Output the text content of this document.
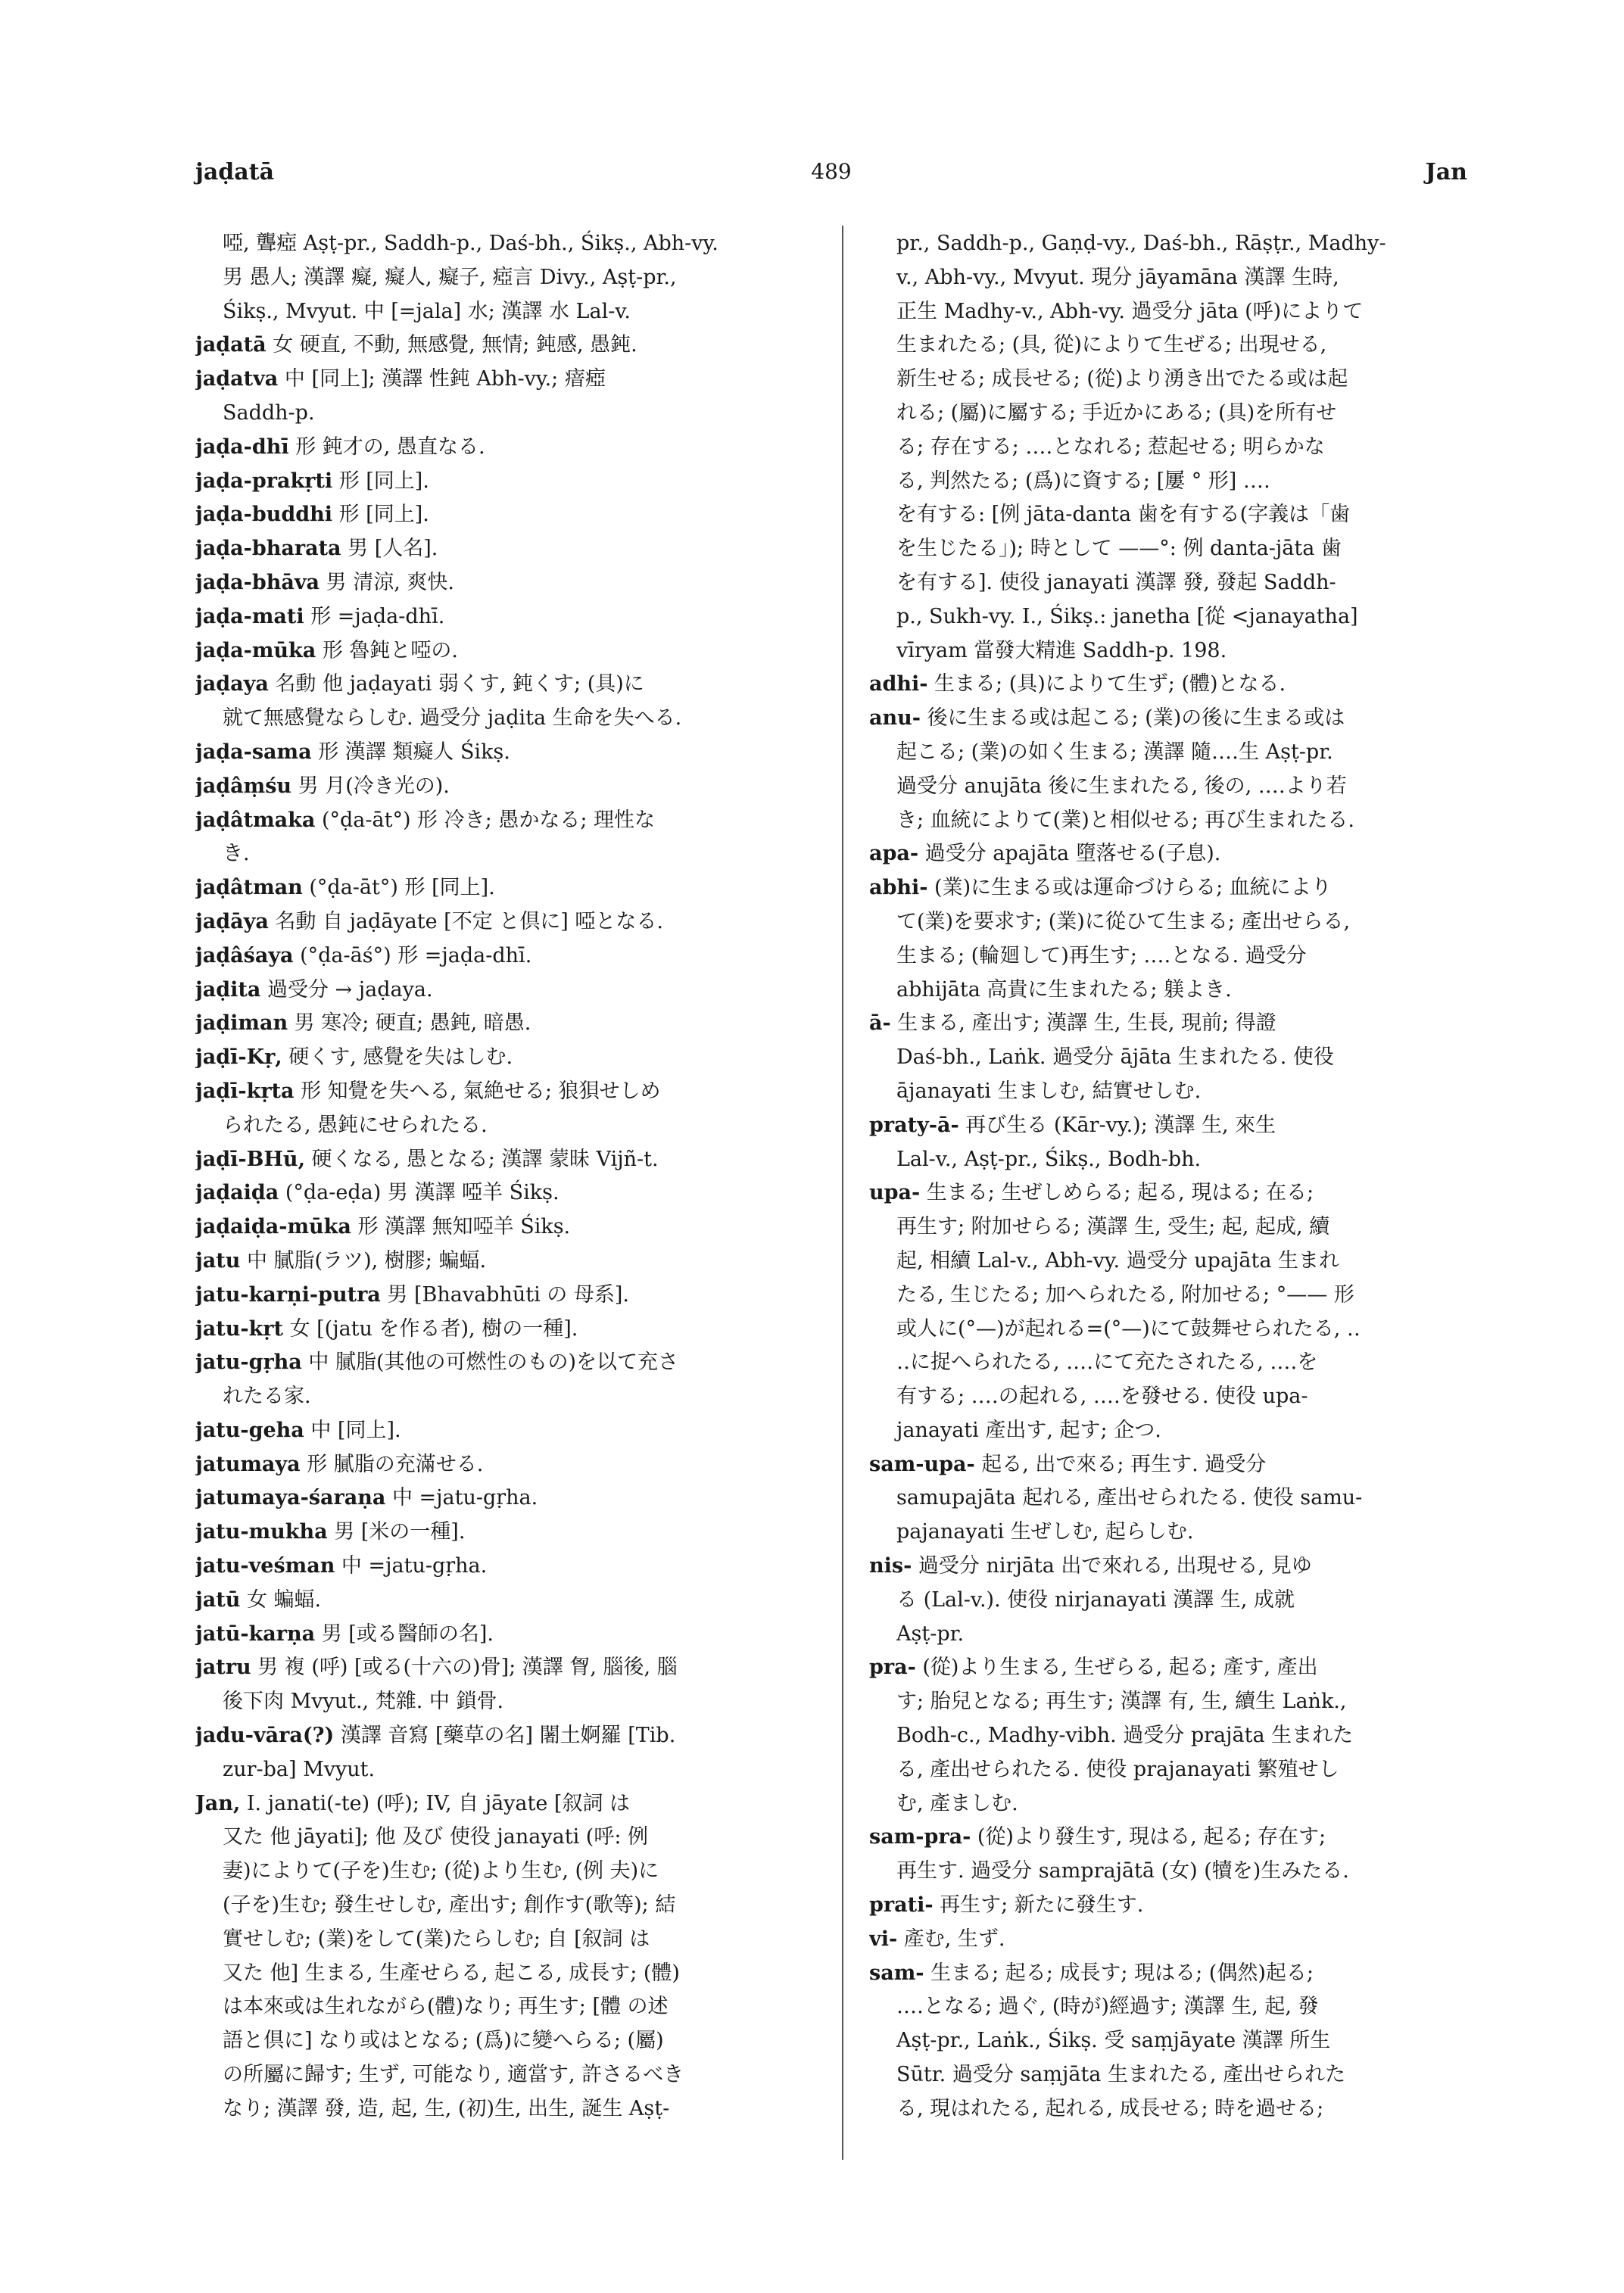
jaḍatā	489	Jan
啞, 聾瘂 Aṣṭ-pr., Saddh-p., Daś-bh., Śikṣ., Abh-vy.
男 愚人; 漢譯 癡, 癡人, 癡子, 瘂言 Divy., Aṣṭ-pr.,
Śikṣ., Mvyut. 中 [=jala] 水; 漢譯 水 Lal-v.
jaḍatā 女 硬直, 不動, 無感覺, 無情; 鈍感, 愚鈍.
jaḍatva 中 [同上]; 漢譯 性鈍 Abh-vy.; 瘖瘂
Saddh-p.
jaḍa-dhī 形 鈍才の, 愚直なる.
jaḍa-prakṛti 形 [同上].
jaḍa-buddhi 形 [同上].
jaḍa-bharata 男 [人名].
jaḍa-bhāva 男 清涼, 爽快.
jaḍa-mati 形 =jaḍa-dhī.
jaḍa-mūka 形 魯鈍と啞の.
jaḍaya 名動 他 jaḍayati 弱くす, 鈍くす; (具)に
就て無感覺ならしむ. 過受分 jaḍita 生命を失へる.
jaḍa-sama 形 漢譯 類癡人 Śikṣ.
jaḍâṃśu 男 月(冷き光の).
jaḍâtmaka (°ḍa-āt°) 形 冷き; 愚かなる; 理性な
き.
jaḍâtman (°ḍa-āt°) 形 [同上].
jaḍāya 名動 自 jaḍāyate [不定 と倶に] 啞となる.
jaḍâśaya (°ḍa-āś°) 形 =jaḍa-dhī.
jaḍita 過受分 → jaḍaya.
jaḍiman 男 寒冷; 硬直; 愚鈍, 暗愚.
jaḍī-Kṛ, 硬くす, 感覺を失はしむ.
jaḍī-kṛta 形 知覺を失へる, 氣絶せる; 狼狽せしめ
られたる, 愚鈍にせられたる.
jaḍī-BHū, 硬くなる, 愚となる; 漢譯 蒙昧 Vijñ-t.
jaḍaiḍa (°ḍa-eḍa) 男 漢譯 啞羊 Śikṣ.
jaḍaiḍa-mūka 形 漢譯 無知啞羊 Śikṣ.
jatu 中 膩脂(ラツ), 樹膠; 蝙蝠.
jatu-karṇi-putra 男 [Bhavabhūti の 母系].
jatu-kṛt 女 [(jatu を作る者), 樹の一種].
jatu-gṛha 中 膩脂(其他の可燃性のもの)を以て充さ
れたる家.
jatu-geha 中 [同上].
jatumaya 形 膩脂の充滿せる.
jatumaya-śaraṇa 中 =jatu-gṛha.
jatu-mukha 男 [米の一種].
jatu-veśman 中 =jatu-gṛha.
jatū 女 蝙蝠.
jatū-karṇa 男 [或る醫師の名].
jatru 男 複 (呼) [或る(十六の)骨]; 漢譯 胷, 腦後, 腦
後下肉 Mvyut., 梵雜. 中 鎖骨.
jadu-vāra(?) 漢譯 音寫 [藥草の名] 闍土婀羅 [Tib.
zur-ba] Mvyut.
Jan, I. janati(-te) (呼); IV, 自 jāyate [叙詞 は
又た 他 jāyati]; 他 及び 使役 janayati (呼: 例
妻)によりて(子を)生む; (從)より生む, (例 夫)に
(子を)生む; 發生せしむ, 產出す; 創作す(歌等); 結
實せしむ; (業)をして(業)たらしむ; 自 [叙詞 は
又た 他] 生まる, 生產せらる, 起こる, 成長す; (體)
は本來或は生れながら(體)なり; 再生す; [體 の述
語と倶に] なり或はとなる; (爲)に變へらる; (屬)
の所屬に歸す; 生ず, 可能なり, 適當す, 許さるべき
なり; 漢譯 發, 造, 起, 生, (初)生, 出生, 誕生 Aṣṭ-
pr., Saddh-p., Gaṇḍ-vy., Daś-bh., Rāṣṭr., Madhy-
v., Abh-vy., Mvyut. 現分 jāyamāna 漢譯 生時,
正生 Madhy-v., Abh-vy. 過受分 jāta (呼)によりて
生まれたる; (具, 從)によりて生ぜる; 出現せる,
新生せる; 成長せる; (從)より湧き出でたる或は起
れる; (屬)に屬する; 手近かにある; (具)を所有せ
る; 存在する; ‥‥となれる; 惹起せる; 明らかな
る, 判然たる; (爲)に資する; [屢 ° 形] ‥‥
を有する: [例 jāta-danta 歯を有する(字義は「歯
を生じたる」); 時として ——°: 例 danta-jāta 歯
を有する]. 使役 janayati 漢譯 發, 發起 Saddh-
p., Sukh-vy. I., Śikṣ.: janetha [從 <janayatha]
vīryam 當發大精進 Saddh-p. 198.
adhi- 生まる; (具)によりて生ず; (體)となる.
anu- 後に生まる或は起こる; (業)の後に生まる或は
起こる; (業)の如く生まる; 漢譯 隨‥‥生 Aṣṭ-pr.
過受分 anujāta 後に生まれたる, 後の, ‥‥より若
き; 血統によりて(業)と相似せる; 再び生まれたる.
apa- 過受分 apajāta 墮落せる(子息).
abhi- (業)に生まる或は運命づけらる; 血統により
て(業)を要求す; (業)に從ひて生まる; 產出せらる,
生まる; (輪廻して)再生す; ‥‥となる. 過受分
abhijāta 高貴に生まれたる; 躾よき.
ā- 生まる, 產出す; 漢譯 生, 生長, 現前; 得證
Daś-bh., Laṅk. 過受分 ājāta 生まれたる. 使役
ājanayati 生ましむ, 結實せしむ.
praty-ā- 再び生る (Kār-vy.); 漢譯 生, 來生
Lal-v., Aṣṭ-pr., Śikṣ., Bodh-bh.
upa- 生まる; 生ぜしめらる; 起る, 現はる; 在る;
再生す; 附加せらる; 漢譯 生, 受生; 起, 起成, 續
起, 相續 Lal-v., Abh-vy. 過受分 upajāta 生まれ
たる, 生じたる; 加へられたる, 附加せる; °—— 形
或人に(°—)が起れる=(°—)にて鼓舞せられたる, ‥
‥に捉へられたる, ‥‥にて充たされたる, ‥‥を
有する; ‥‥の起れる, ‥‥を發せる. 使役 upa-
janayati 產出す, 起す; 企つ.
sam-upa- 起る, 出で來る; 再生す. 過受分
samupajāta 起れる, 產出せられたる. 使役 samu-
pajanayati 生ぜしむ, 起らしむ.
nis- 過受分 nirjāta 出で來れる, 出現せる, 見ゆ
る (Lal-v.). 使役 nirjanayati 漢譯 生, 成就
Aṣṭ-pr.
pra- (從)より生まる, 生ぜらる, 起る; 產す, 產出
す; 胎兒となる; 再生す; 漢譯 有, 生, 續生 Laṅk.,
Bodh-c., Madhy-vibh. 過受分 prajāta 生まれた
る, 產出せられたる. 使役 prajanayati 繁殖せし
む, 產ましむ.
sam-pra- (從)より發生す, 現はる, 起る; 存在す;
再生す. 過受分 samprajātā (女) (犢を)生みたる.
prati- 再生す; 新たに發生す.
vi- 產む, 生ず.
sam- 生まる; 起る; 成長す; 現はる; (偶然)起る;
‥‥となる; 過ぐ, (時が)經過す; 漢譯 生, 起, 發
Aṣṭ-pr., Laṅk., Śikṣ. 受 saṃjāyate 漢譯 所生
Sūtr. 過受分 saṃjāta 生まれたる, 產出せられた
る, 現はれたる, 起れる, 成長せる; 時を過せる;
